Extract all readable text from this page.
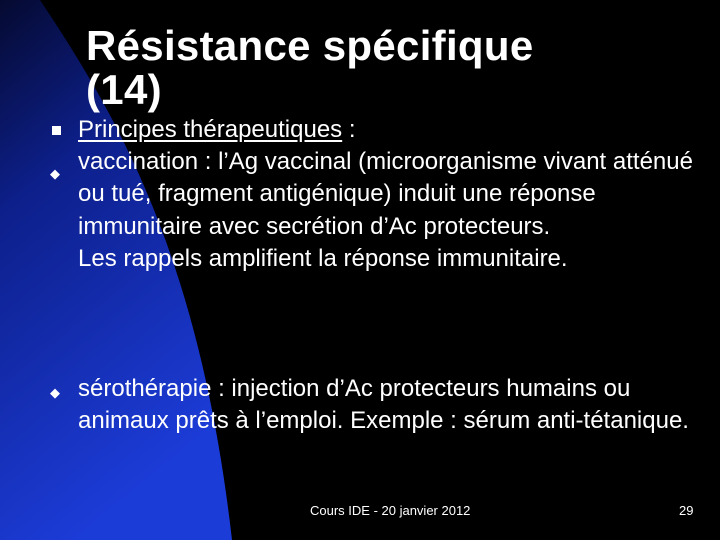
Résistance spécifique
(14)
Principes thérapeutiques :
◆ vaccination : l’Ag vaccinal (microorganisme vivant atténué ou tué, fragment antigénique) induit une réponse immunitaire avec secrétion d’Ac protecteurs.
Les rappels amplifient la réponse immunitaire.
◆ sérothérapie : injection d’Ac protecteurs humains ou animaux prêts à l’emploi. Exemple : sérum anti-tétanique.
Cours IDE - 20 janvier 2012	29
